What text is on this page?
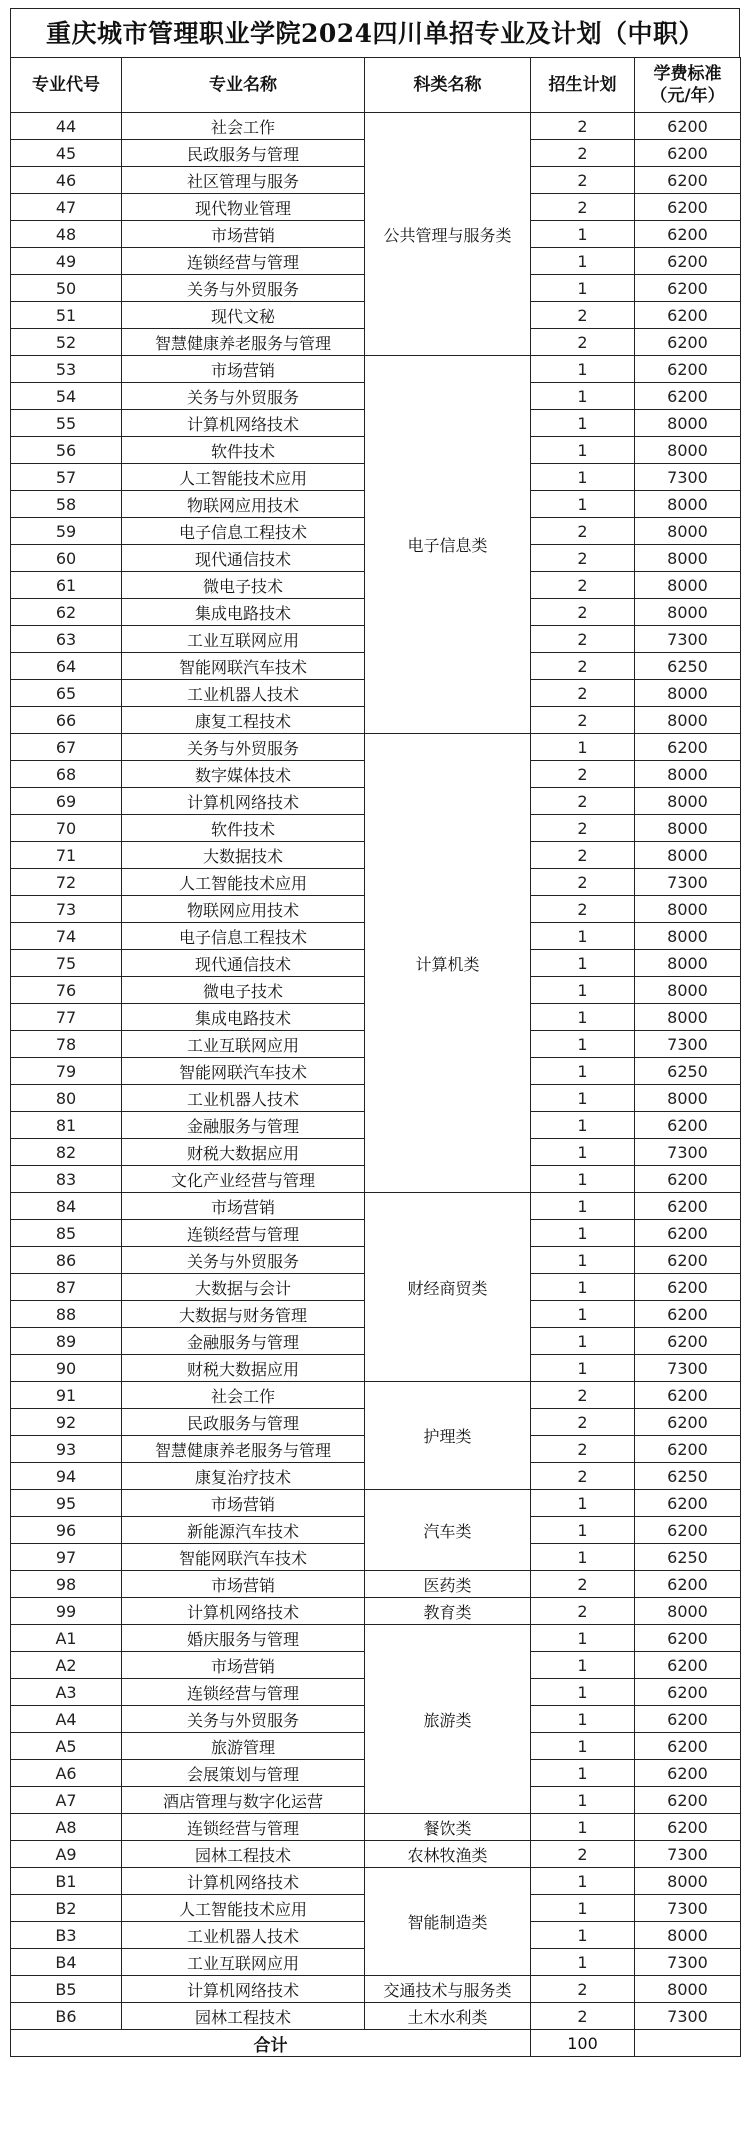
重庆城市管理职业学院2024四川单招专业及计划（中职）
专业代号	专业名称	科类名称	招生计划	学费标准
（元/年）
44	社会工作	公共管理与服务类	2	6200
45	民政服务与管理		2	6200
46	社区管理与服务		2	6200
47	现代物业管理		2	6200
48	市场营销		1	6200
49	连锁经营与管理		1	6200
50	关务与外贸服务		1	6200
51	现代文秘		2	6200
52	智慧健康养老服务与管理		2	6200
53	市场营销	电子信息类	1	6200
54	关务与外贸服务		1	6200
55	计算机网络技术		1	8000
56	软件技术		1	8000
57	人工智能技术应用		1	7300
58	物联网应用技术		1	8000
59	电子信息工程技术		2	8000
60	现代通信技术		2	8000
61	微电子技术		2	8000
62	集成电路技术		2	8000
63	工业互联网应用		2	7300
64	智能网联汽车技术		2	6250
65	工业机器人技术		2	8000
66	康复工程技术		2	8000
67	关务与外贸服务	计算机类	1	6200
68	数字媒体技术		2	8000
69	计算机网络技术		2	8000
70	软件技术		2	8000
71	大数据技术		2	8000
72	人工智能技术应用		2	7300
73	物联网应用技术		2	8000
74	电子信息工程技术		1	8000
75	现代通信技术		1	8000
76	微电子技术		1	8000
77	集成电路技术		1	8000
78	工业互联网应用		1	7300
79	智能网联汽车技术		1	6250
80	工业机器人技术		1	8000
81	金融服务与管理		1	6200
82	财税大数据应用		1	7300
83	文化产业经营与管理		1	6200
84	市场营销	财经商贸类	1	6200
85	连锁经营与管理		1	6200
86	关务与外贸服务		1	6200
87	大数据与会计		1	6200
88	大数据与财务管理		1	6200
89	金融服务与管理		1	6200
90	财税大数据应用		1	7300
91	社会工作	护理类	2	6200
92	民政服务与管理		2	6200
93	智慧健康养老服务与管理		2	6200
94	康复治疗技术		2	6250
95	市场营销	汽车类	1	6200
96	新能源汽车技术		1	6200
97	智能网联汽车技术		1	6250
98	市场营销	医药类	2	6200
99	计算机网络技术	教育类	2	8000
A1	婚庆服务与管理	旅游类	1	6200
A2	市场营销		1	6200
A3	连锁经营与管理		1	6200
A4	关务与外贸服务		1	6200
A5	旅游管理		1	6200
A6	会展策划与管理		1	6200
A7	酒店管理与数字化运营		1	6200
A8	连锁经营与管理	餐饮类	1	6200
A9	园林工程技术	农林牧渔类	2	7300
B1	计算机网络技术	智能制造类	1	8000
B2	人工智能技术应用		1	7300
B3	工业机器人技术		1	8000
B4	工业互联网应用		1	7300
B5	计算机网络技术	交通技术与服务类	2	8000
B6	园林工程技术	土木水利类	2	7300
合计			100	
